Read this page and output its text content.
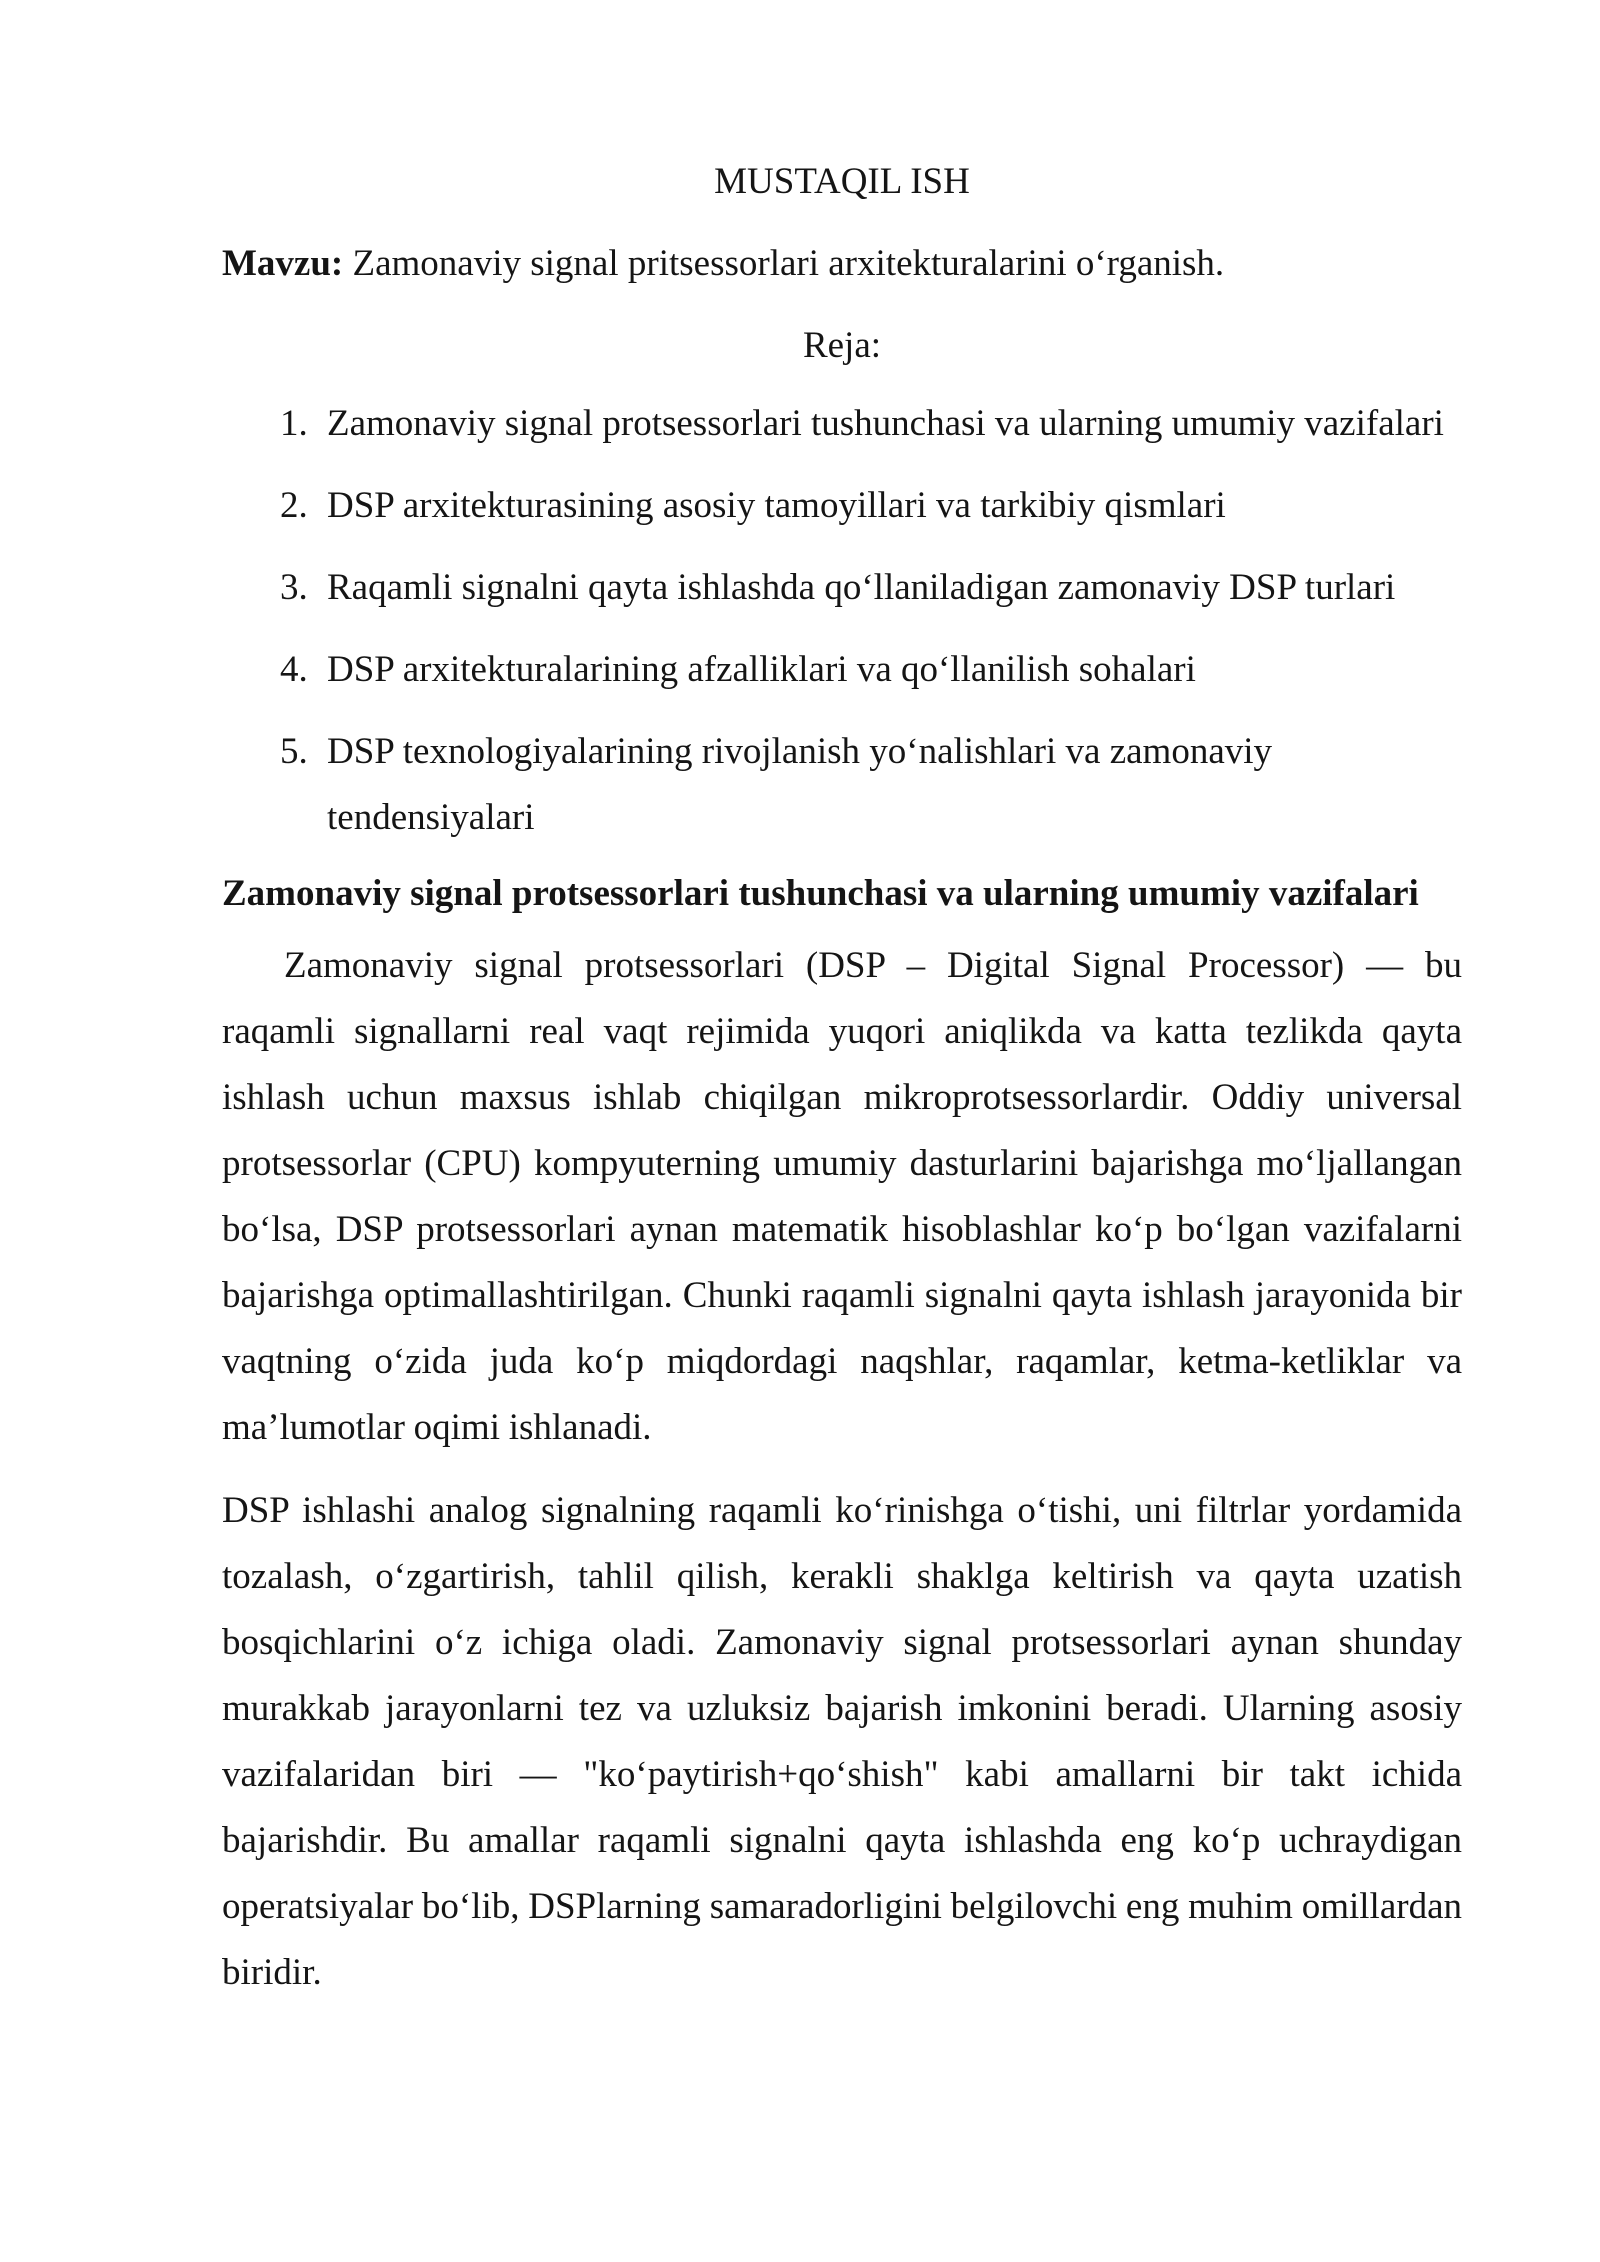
MUSTAQIL ISH

Mavzu: Zamonaviy signal pritsessorlari arxitekturalarini o‘rganish.

Reja:

1. Zamonaviy signal protsessorlari tushunchasi va ularning umumiy vazifalari
2. DSP arxitekturasining asosiy tamoyillari va tarkibiy qismlari
3. Raqamli signalni qayta ishlashda qo‘llaniladigan zamonaviy DSP turlari
4. DSP arxitekturalarining afzalliklari va qo‘llanilish sohalari
5. DSP texnologiyalarining rivojlanish yo‘nalishlari va zamonaviy tendensiyalari
Zamonaviy signal protsessorlari tushunchasi va ularning umumiy vazifalari

Zamonaviy signal protsessorlari (DSP – Digital Signal Processor) — bu raqamli signallarni real vaqt rejimida yuqori aniqlikda va katta tezlikda qayta ishlash uchun maxsus ishlab chiqilgan mikroprotsessorlardir. Oddiy universal protsessorlar (CPU) kompyuterning umumiy dasturlarini bajarishga mo‘ljallangan bo‘lsa, DSP protsessorlari aynan matematik hisoblashlar ko‘p bo‘lgan vazifalarni bajarishga optimallashtirilgan. Chunki raqamli signalni qayta ishlash jarayonida bir vaqtning o‘zida juda ko‘p miqdordagi naqshlar, raqamlar, ketma-ketliklar va ma’lumotlar oqimi ishlanadi.

DSP ishlashi analog signalning raqamli ko‘rinishga o‘tishi, uni filtrlar yordamida tozalash, o‘zgartirish, tahlil qilish, kerakli shaklga keltirish va qayta uzatish bosqichlarini o‘z ichiga oladi. Zamonaviy signal protsessorlari aynan shunday murakkab jarayonlarni tez va uzluksiz bajarish imkonini beradi. Ularning asosiy vazifalaridan biri — "ko‘paytirish+qo‘shish" kabi amallarni bir takt ichida bajarishdir. Bu amallar raqamli signalni qayta ishlashda eng ko‘p uchraydigan operatsiyalar bo‘lib, DSPlarning samaradorligini belgilovchi eng muhim omillardan biridir.
